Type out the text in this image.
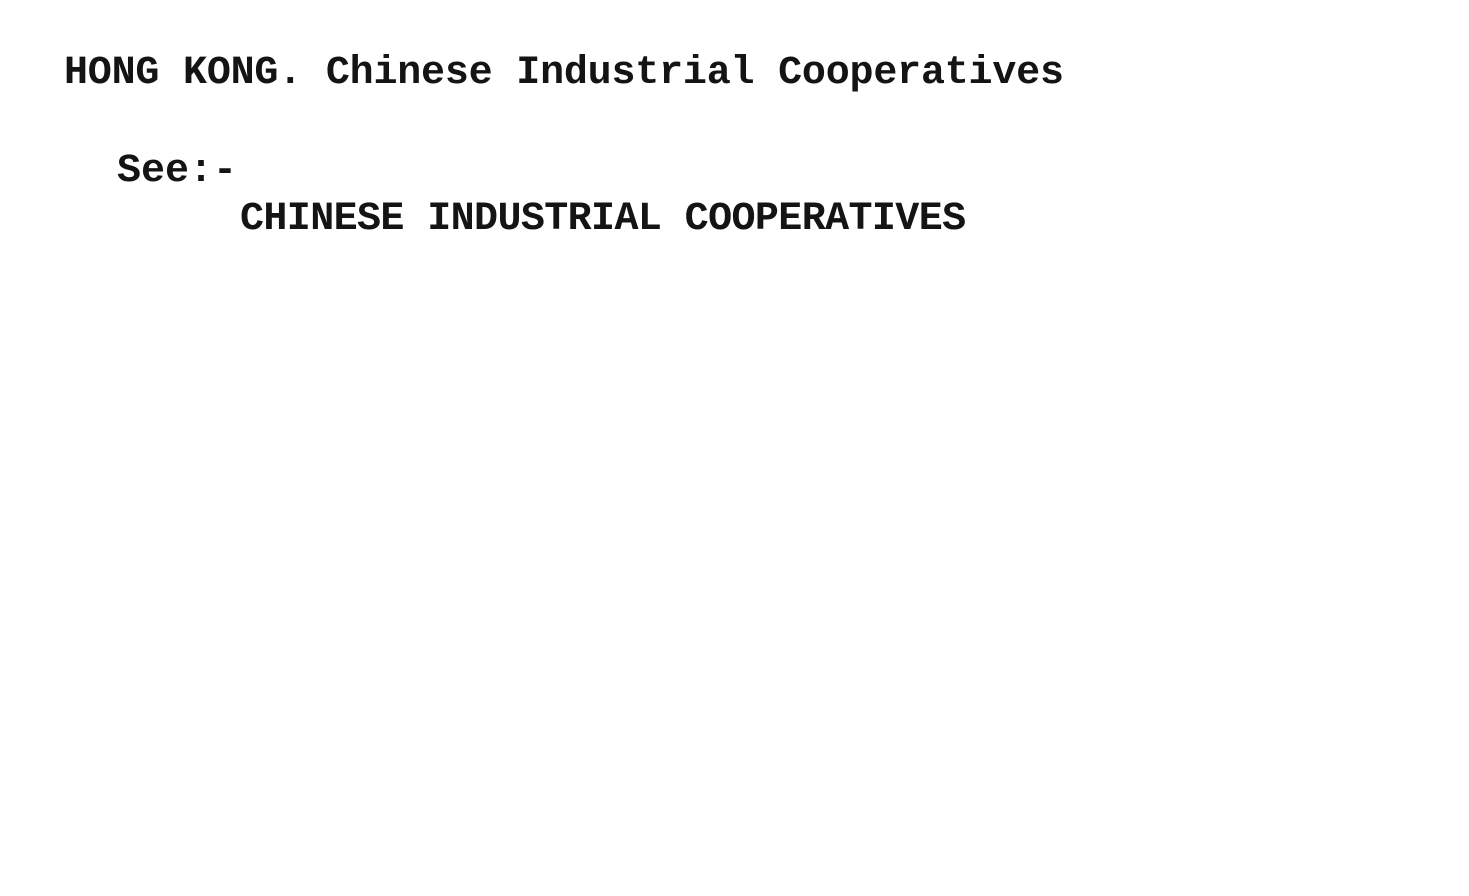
HONG KONG. Chinese Industrial Cooperatives
See:-
CHINESE INDUSTRIAL COOPERATIVES
